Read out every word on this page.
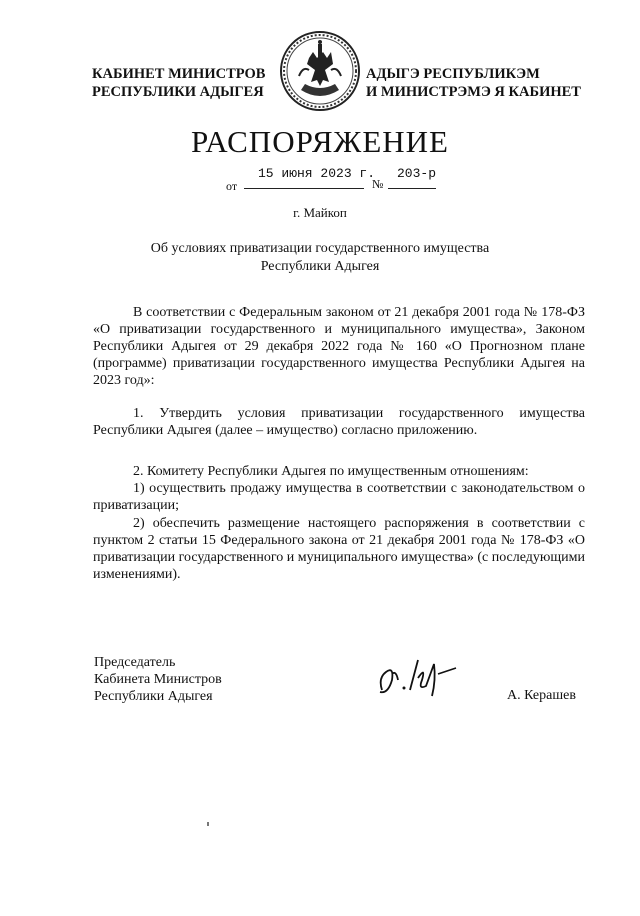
КАБИНЕТ МИНИСТРОВ
РЕСПУБЛИКИ АДЫГЕЯ
АДЫГЭ РЕСПУБЛИКЭМ
И МИНИСТРЭМЭ Я КАБИНЕТ
РАСПОРЯЖЕНИЕ
от
15 июня 2023 г.
№
203-р
г. Майкоп
Об условиях приватизации государственного имущества
Республики Адыгея

В соответствии с Федеральным законом от 21 декабря 2001 года № 178-ФЗ «О приватизации государственного и муниципального имущества», Законом Республики Адыгея от 29 декабря 2022 года № 160 «О Прогнозном плане (программе) приватизации государственного имущества Республики Адыгея на 2023 год»:

1. Утвердить условия приватизации государственного имущества Республики Адыгея (далее – имущество) согласно приложению.

2. Комитету Республики Адыгея по имущественным отношениям:

1) осуществить продажу имущества в соответствии с законодательством о приватизации;

2) обеспечить размещение настоящего распоряжения в соответствии с пунктом 2 статьи 15 Федерального закона от 21 декабря 2001 года № 178-ФЗ «О приватизации государственного и муниципального имущества» (с последующими изменениями).

Председатель
Кабинета Министров
Республики Адыгея	А. Керашев
